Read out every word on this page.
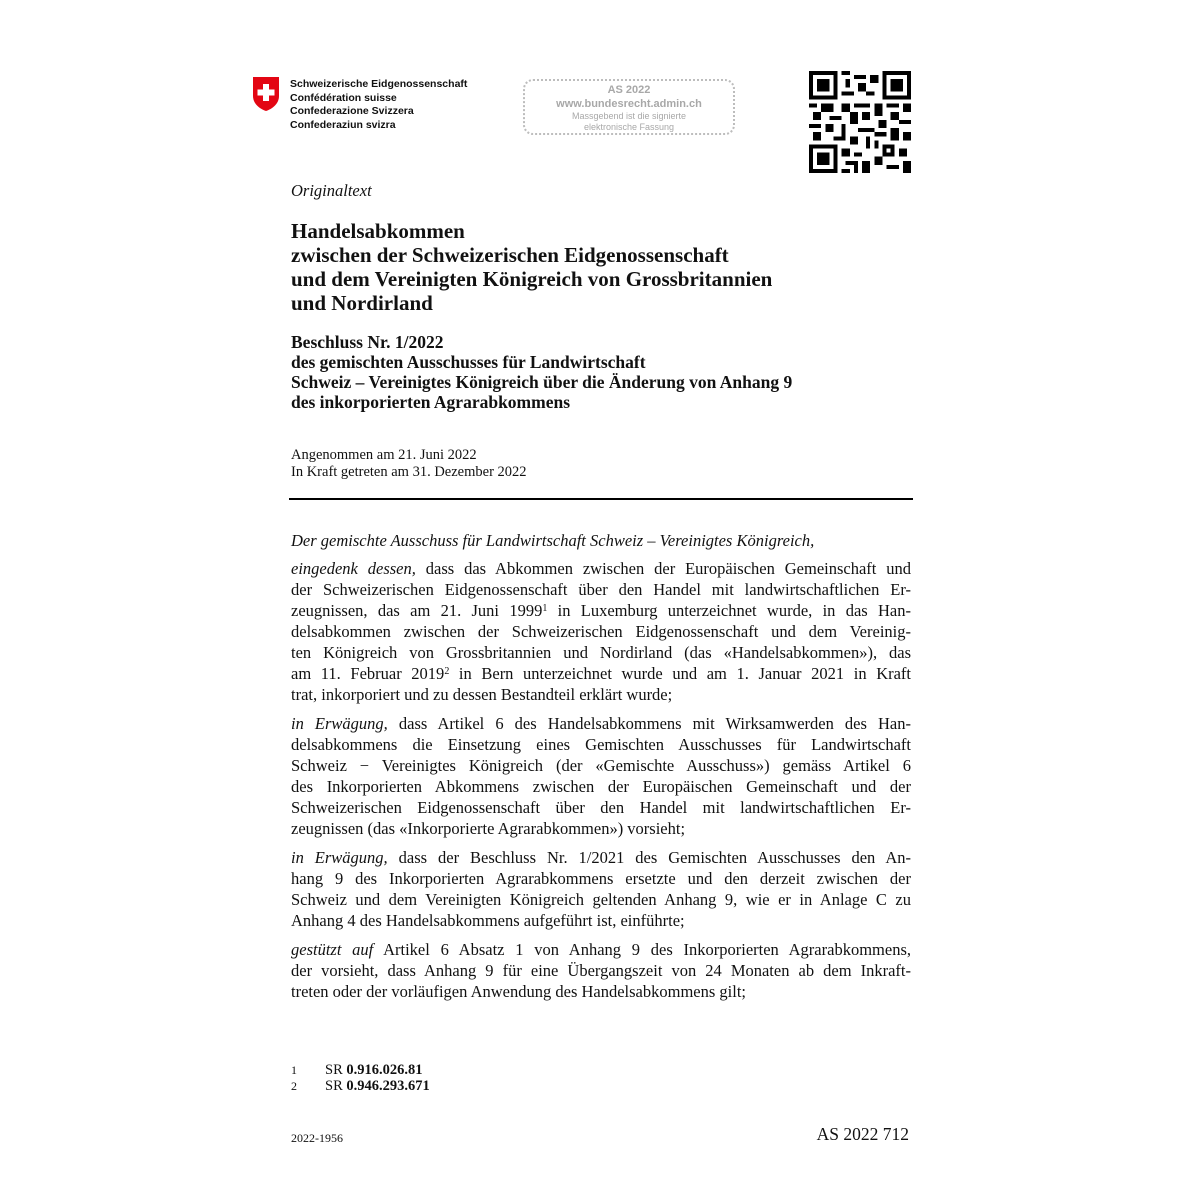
Schweizerische Eidgenossenschaft
Confédération suisse
Confederazione Svizzera
Confederaziun svizra
AS 2022
www.bundesrecht.admin.ch
Massgebend ist die signierte
elektronische Fassung
Originaltext
Handelsabkommen
zwischen der Schweizerischen Eidgenossenschaft
und dem Vereinigten Königreich von Grossbritannien
und Nordirland
Beschluss Nr. 1/2022
des gemischten Ausschusses für Landwirtschaft
Schweiz – Vereinigtes Königreich über die Änderung von Anhang 9
des inkorporierten Agrarabkommens
Angenommen am 21. Juni 2022
In Kraft getreten am 31. Dezember 2022
Der gemischte Ausschuss für Landwirtschaft Schweiz – Vereinigtes Königreich,

eingedenk dessen, dass das Abkommen zwischen der Europäischen Gemeinschaft und
der Schweizerischen Eidgenossenschaft über den Handel mit landwirtschaftlichen Er-
zeugnissen, das am 21. Juni 1999$^1$ in Luxemburg unterzeichnet wurde, in das Han-
delsabkommen zwischen der Schweizerischen Eidgenossenschaft und dem Vereinig-
ten Königreich von Grossbritannien und Nordirland (das «Handelsabkommen»), das
am 11. Februar 2019$^2$ in Bern unterzeichnet wurde und am 1. Januar 2021 in Kraft
trat, inkorporiert und zu dessen Bestandteil erklärt wurde;

in Erwägung, dass Artikel 6 des Handelsabkommens mit Wirksamwerden des Han-
delsabkommens die Einsetzung eines Gemischten Ausschusses für Landwirtschaft
Schweiz − Vereinigtes Königreich (der «Gemischte Ausschuss») gemäss Artikel 6
des Inkorporierten Abkommens zwischen der Europäischen Gemeinschaft und der
Schweizerischen Eidgenossenschaft über den Handel mit landwirtschaftlichen Er-
zeugnissen (das «Inkorporierte Agrarabkommen») vorsieht;

in Erwägung, dass der Beschluss Nr. 1/2021 des Gemischten Ausschusses den An-
hang 9 des Inkorporierten Agrarabkommens ersetzte und den derzeit zwischen der
Schweiz und dem Vereinigten Königreich geltenden Anhang 9, wie er in Anlage C zu
Anhang 4 des Handelsabkommens aufgeführt ist, einführte;

gestützt auf Artikel 6 Absatz 1 von Anhang 9 des Inkorporierten Agrarabkommens,
der vorsieht, dass Anhang 9 für eine Übergangszeit von 24 Monaten ab dem Inkraft-
treten oder der vorläufigen Anwendung des Handelsabkommens gilt;

1	SR 0.916.026.81
2	SR 0.946.293.671
2022-1956	AS 2022 712
